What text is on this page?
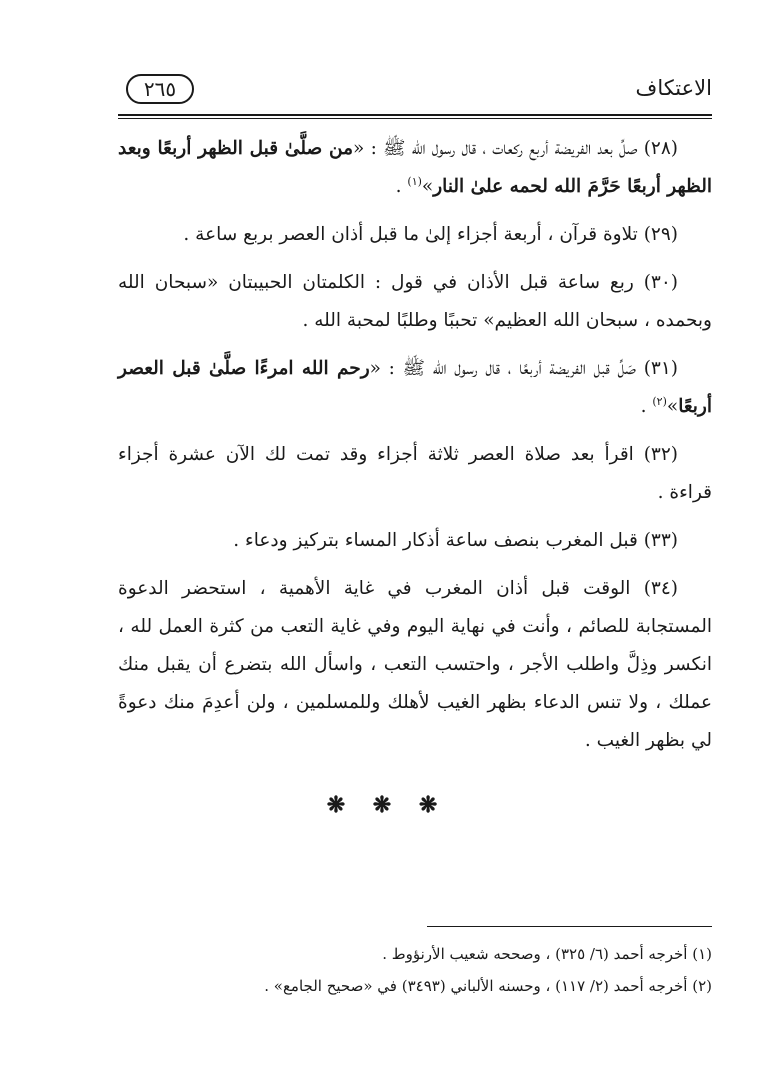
الاعتكاف
٢٦٥

(٢٨) صلِّ بعد الفريضة أربع ركعات ، قال رسول الله ﷺ : «من صلَّىٰ قبل الظهر أربعًا وبعد الظهر أربعًا حَرَّمَ الله لحمه علىٰ النار»$^{(١)}$ .

(٢٩) تلاوة قرآن ، أربعة أجزاء إلىٰ ما قبل أذان العصر بربع ساعة .

(٣٠) ربع ساعة قبل الأذان في قول : الكلمتان الحبيبتان «سبحان الله وبحمده ، سبحان الله العظيم» تحببًا وطلبًا لمحبة الله .

(٣١) صَلِّ قبل الفريضة أربعًا ، قال رسول الله ﷺ : «رحم الله امرءًا صلَّىٰ قبل العصر أربعًا»$^{(٢)}$ .

(٣٢) اقرأ بعد صلاة العصر ثلاثة أجزاء وقد تمت لك الآن عشرة أجزاء قراءة .

(٣٣) قبل المغرب بنصف ساعة أذكار المساء بتركيز ودعاء .

(٣٤) الوقت قبل أذان المغرب في غاية الأهمية ، استحضر الدعوة المستجابة للصائم ، وأنت في نهاية اليوم وفي غاية التعب من كثرة العمل لله ، انكسر وذِلَّ واطلب الأجر ، واحتسب التعب ، واسأل الله بتضرع أن يقبل منك عملك ، ولا تنس الدعاء بظهر الغيب لأهلك وللمسلمين ، ولن أعدِمَ منك دعوةً لي بظهر الغيب .

❋ ❋ ❋

(١) أخرجه أحمد (٦/ ٣٢٥) ، وصححه شعيب الأرنؤوط .

(٢) أخرجه أحمد (٢/ ١١٧) ، وحسنه الألباني (٣٤٩٣) في «صحيح الجامع» .
